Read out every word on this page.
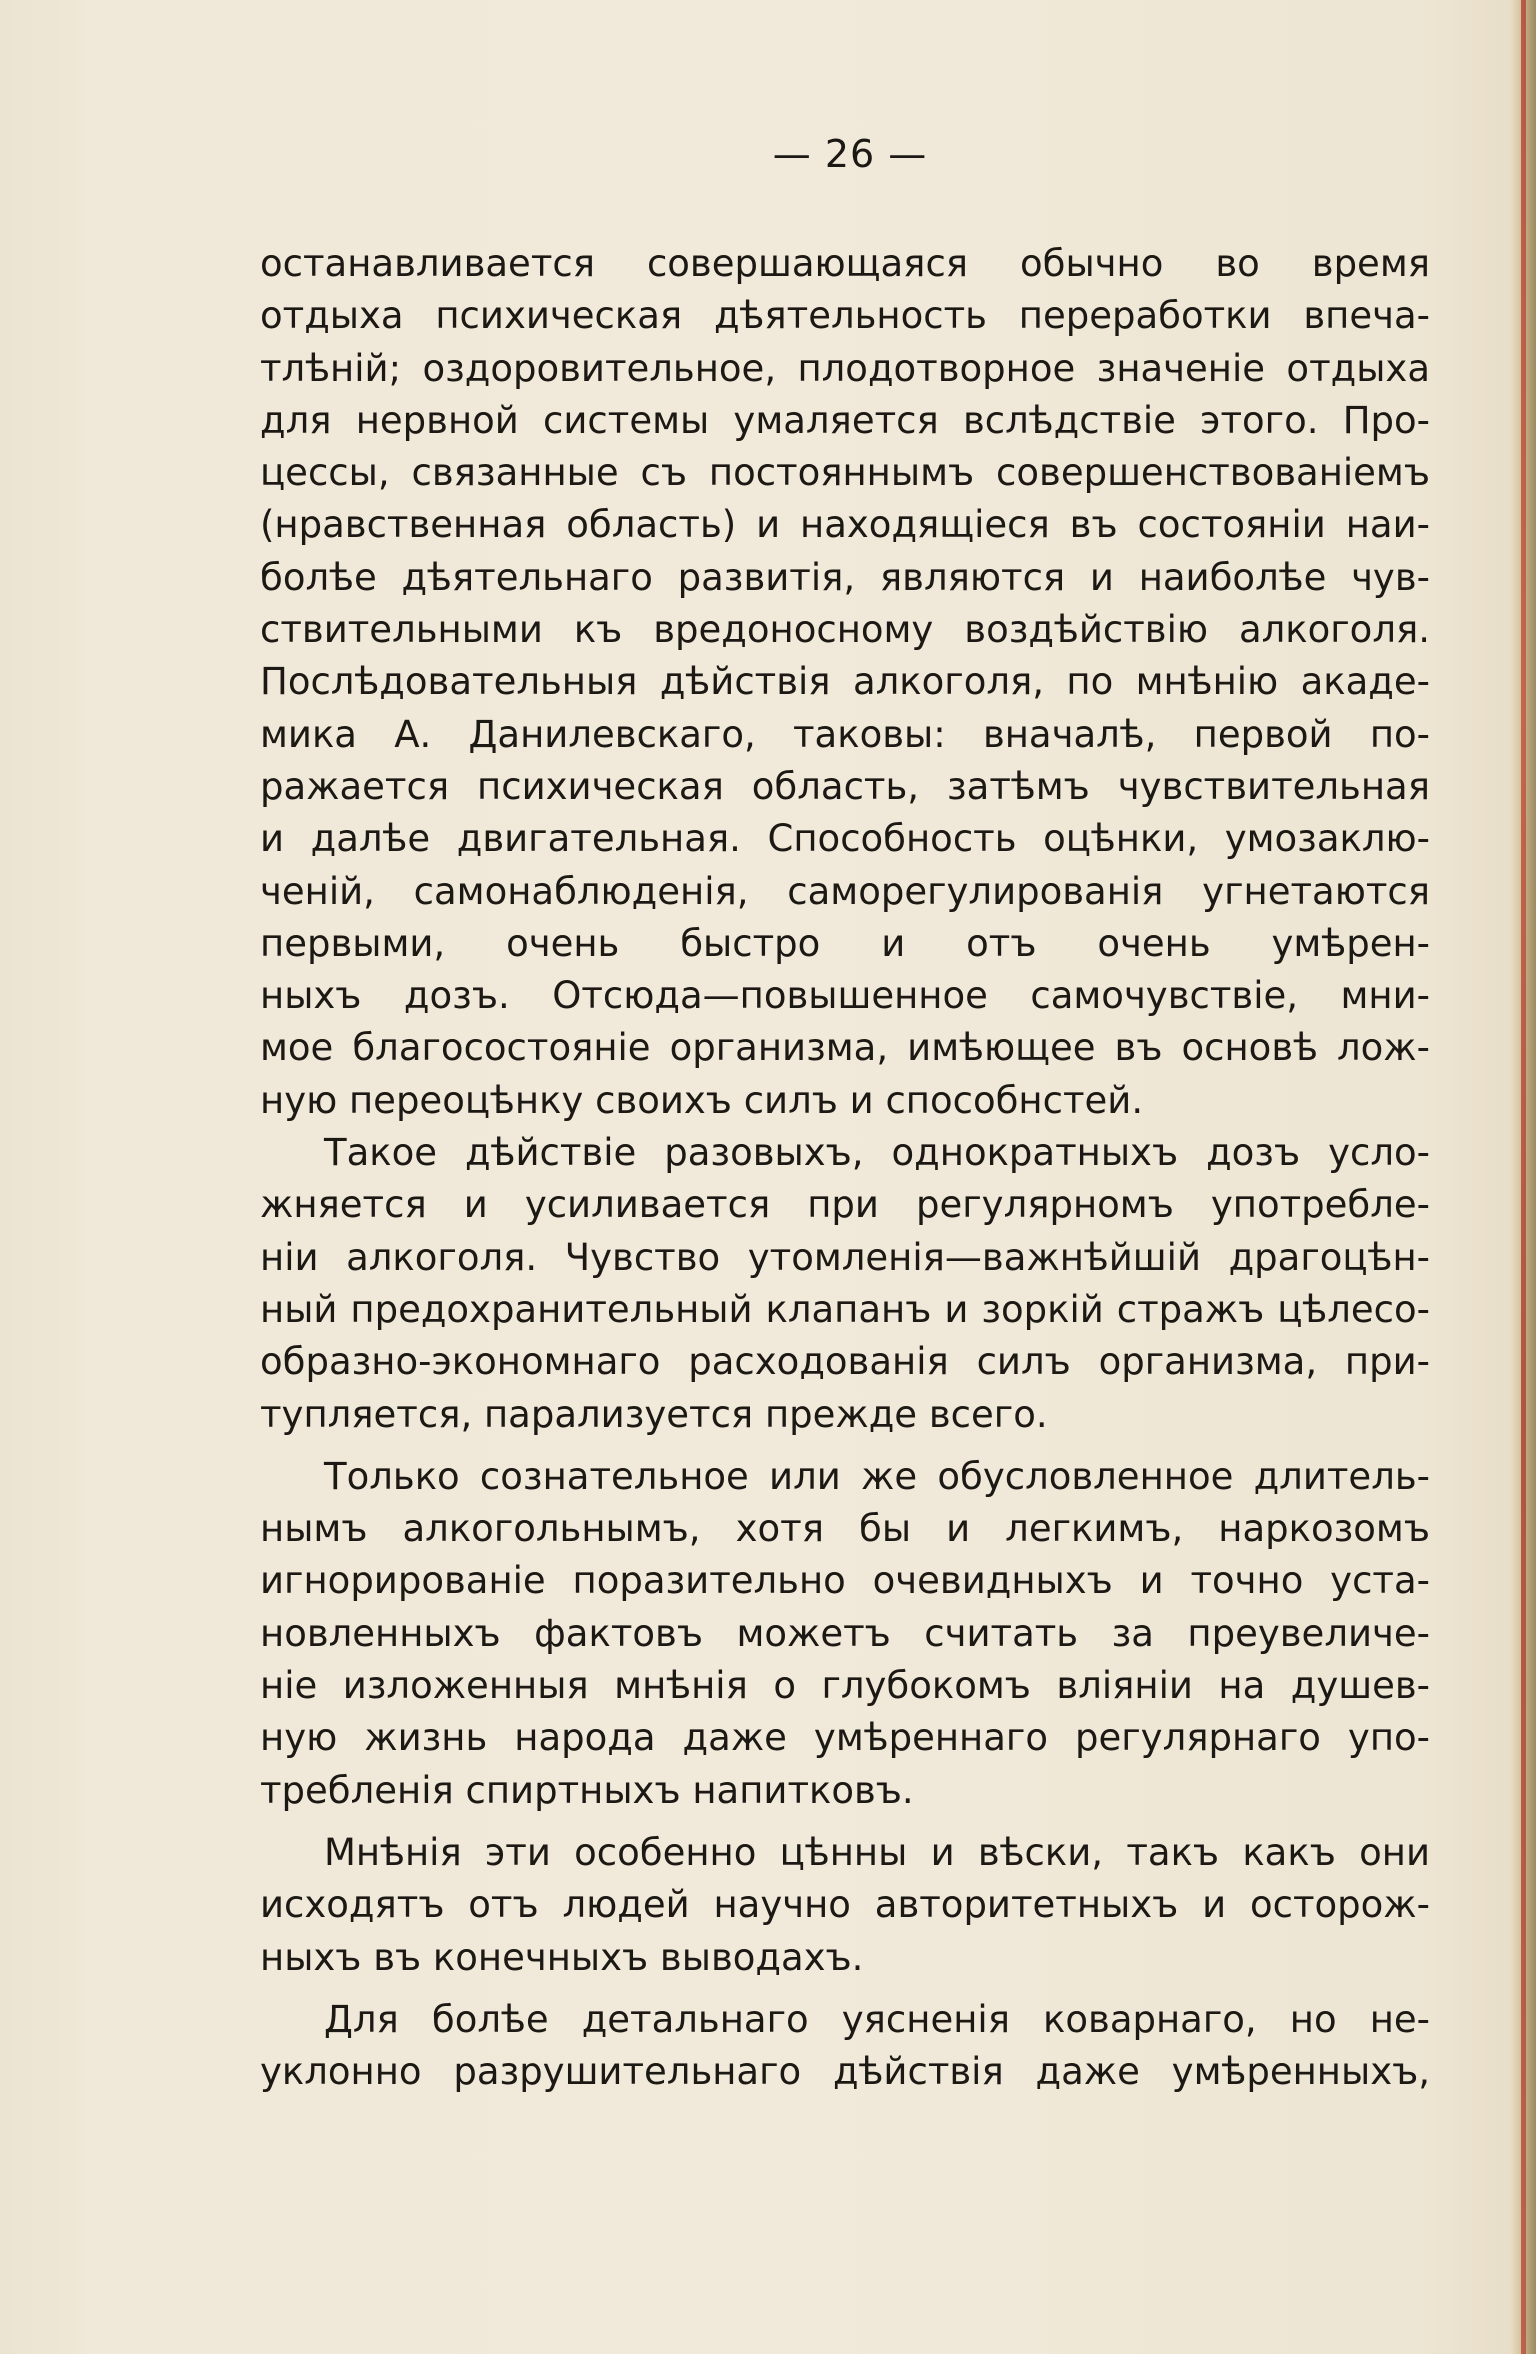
— 26 —
останавливается совершающаяся обычно во время
отдыха психическая дѣятельность переработки впеча-
тлѣній; оздоровительное, плодотворное значеніе отдыха
для нервной системы умаляется вслѣдствіе этого. Про-
цессы, связанные съ постояннымъ совершенствованіемъ
(нравственная область) и находящіеся въ состояніи наи-
болѣе дѣятельнаго развитія, являются и наиболѣе чув-
ствительными къ вредоносному воздѣйствію алкоголя.
Послѣдовательныя дѣйствія алкоголя, по мнѣнію акаде-
мика А. Данилевскаго, таковы: вначалѣ, первой по-
ражается психическая область, затѣмъ чувствительная
и далѣе двигательная. Способность оцѣнки, умозаклю-
ченій, самонаблюденія, саморегулированія угнетаются
первыми, очень быстро и отъ очень умѣрен-
ныхъ дозъ. Отсюда—повышенное самочувствіе, мни-
мое благосостояніе организма, имѣющее въ основѣ лож-
ную переоцѣнку своихъ силъ и способнстей.
Такое дѣйствіе разовыхъ, однократныхъ дозъ усло-
жняется и усиливается при регулярномъ употребле-
ніи алкоголя. Чувство утомленія—важнѣйшій драгоцѣн-
ный предохранительный клапанъ и зоркій стражъ цѣлесо-
образно-экономнаго расходованія силъ организма, при-
тупляется, парализуется прежде всего.
Только сознательное или же обусловленное длитель-
нымъ алкогольнымъ, хотя бы и легкимъ, наркозомъ
игнорированіе поразительно очевидныхъ и точно уста-
новленныхъ фактовъ можетъ считать за преувеличе-
ніе изложенныя мнѣнія о глубокомъ вліяніи на душев-
ную жизнь народа даже умѣреннаго регулярнаго упо-
требленія спиртныхъ напитковъ.
Мнѣнія эти особенно цѣнны и вѣски, такъ какъ они
исходятъ отъ людей научно авторитетныхъ и осторож-
ныхъ въ конечныхъ выводахъ.
Для болѣе детальнаго уясненія коварнаго, но не-
уклонно разрушительнаго дѣйствія даже умѣренныхъ,
